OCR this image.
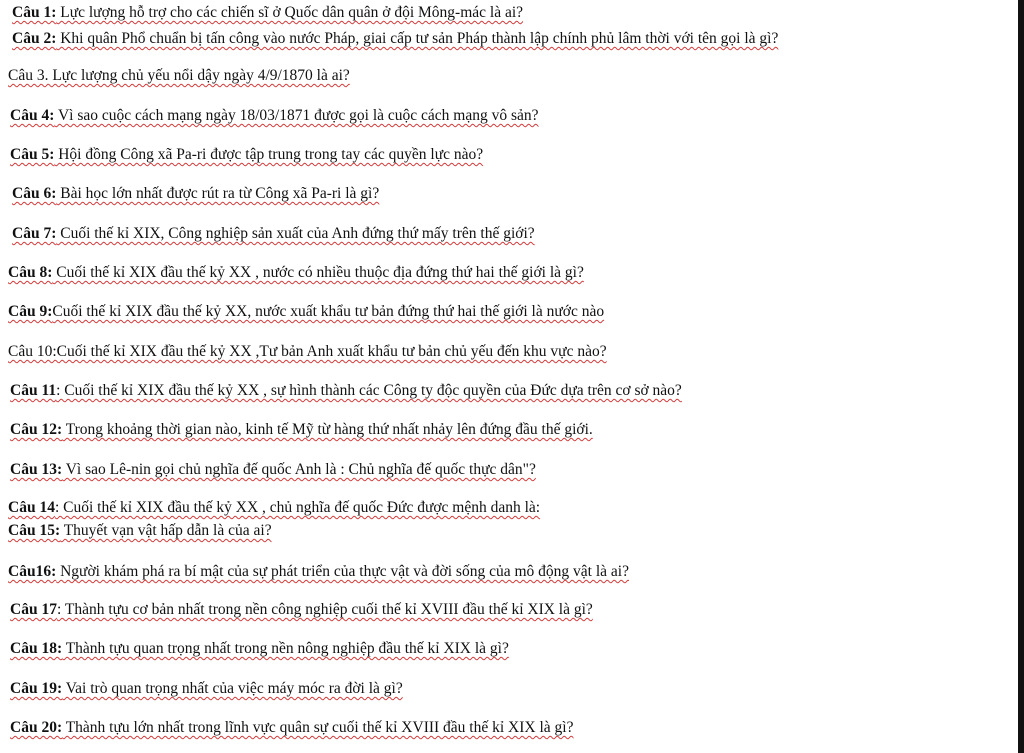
Câu 1: Lực lượng hỗ trợ cho các chiến sĩ ở Quốc dân quân ở đội Mông-mác là ai?
Câu 2: Khi quân Phổ chuẩn bị tấn công vào nước Pháp, giai cấp tư sản Pháp thành lập chính phủ lâm thời với tên gọi là gì?
Câu 3. Lực lượng chủ yếu nổi dậy ngày 4/9/1870 là ai?
Câu 4: Vì sao cuộc cách mạng ngày 18/03/1871 được gọi là cuộc cách mạng vô sản?
Câu 5: Hội đồng Công xã Pa-ri được tập trung trong tay các quyền lực nào?
Câu 6: Bài học lớn nhất được rút ra từ Công xã Pa-ri là gì?
Câu 7: Cuối thế kỉ XIX, Công nghiệp sản xuất của Anh đứng thứ mấy trên thế giới?
Câu 8: Cuối thế kỉ XIX đầu thế kỷ XX , nước có nhiều thuộc địa đứng thứ hai thế giới là gì?
Câu 9:Cuối thế kỉ XIX đầu thế kỷ XX, nước xuất khẩu tư bản đứng thứ hai thế giới là nước nào
Câu 10:Cuối thế kỉ XIX đầu thế kỷ XX ,Tư bản Anh xuất khẩu tư bản chủ yếu đến khu vực nào?
Câu 11: Cuối thế kỉ XIX đầu thế kỷ XX , sự hình thành các Công ty độc quyền của Đức dựa trên cơ sở nào?
Câu 12: Trong khoảng thời gian nào, kinh tế Mỹ từ hàng thứ nhất nhảy lên đứng đầu thế giới.
Câu 13: Vì sao Lê-nin gọi chủ nghĩa đế quốc Anh là : Chủ nghĩa đế quốc thực dân"?
Câu 14: Cuối thế kỉ XIX đầu thế kỷ XX , chủ nghĩa đế quốc Đức được mệnh danh là:
Câu 15: Thuyết vạn vật hấp dẫn là của ai?
Câu16: Người khám phá ra bí mật của sự phát triển của thực vật và đời sống của mô động vật là ai?
Câu 17: Thành tựu cơ bản nhất trong nền công nghiệp cuối thế kỉ XVIII đầu thế kỉ XIX là gì?
Câu 18: Thành tựu quan trọng nhất trong nền nông nghiệp đầu thế kỉ XIX là gì?
Câu 19: Vai trò quan trọng nhất của việc máy móc ra đời là gì?
Câu 20: Thành tựu lớn nhất trong lĩnh vực quân sự cuối thế kỉ XVIII đầu thế kỉ XIX là gì?
